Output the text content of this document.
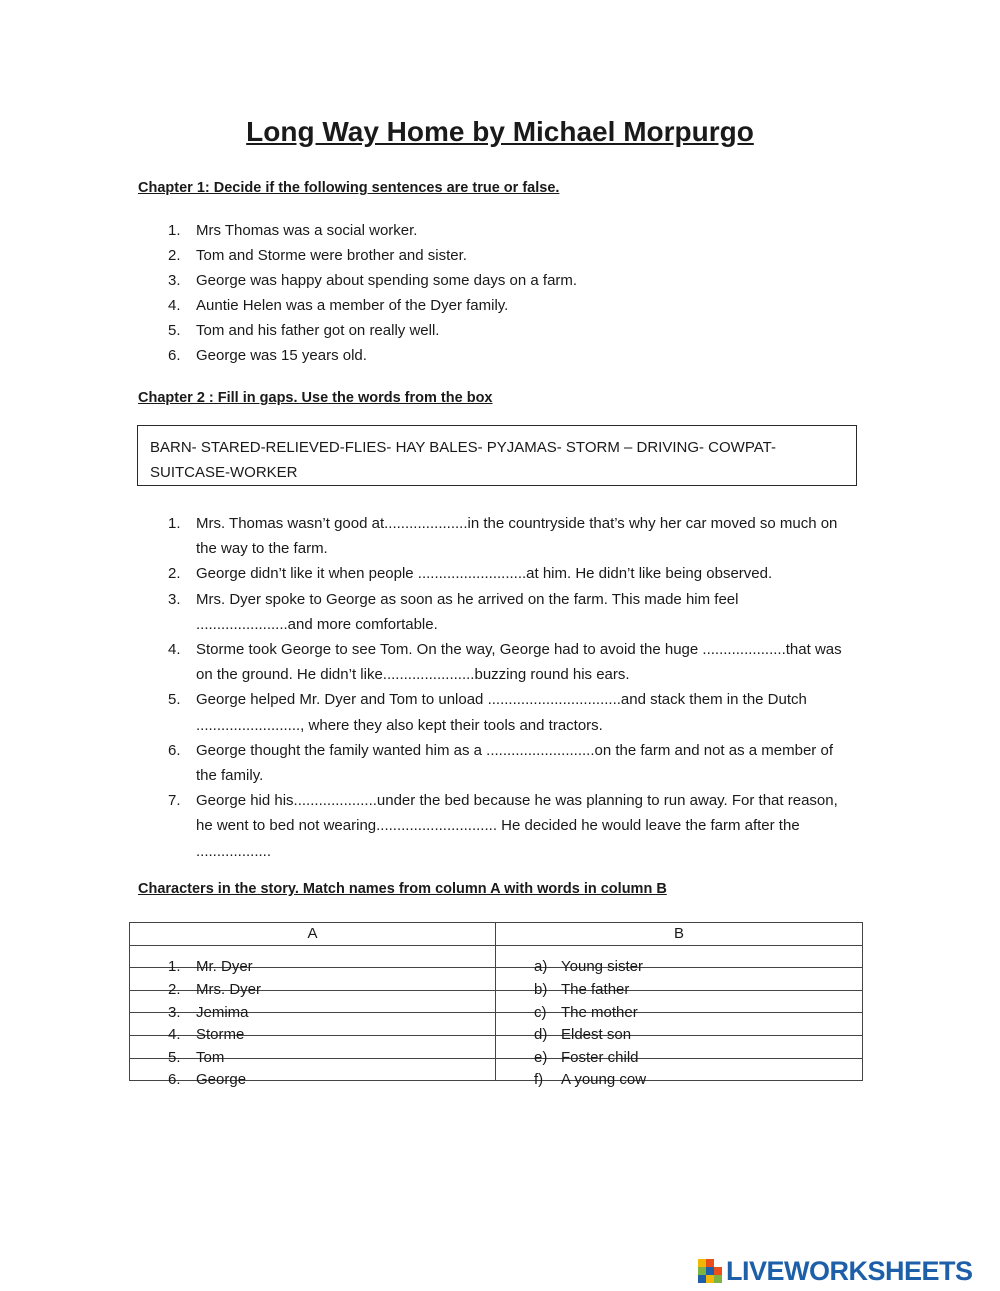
Long Way Home by Michael Morpurgo
Chapter 1: Decide if the following sentences are true or false.
1. Mrs Thomas was a social worker.
2. Tom and Storme were brother and sister.
3. George was happy about spending some days on a farm.
4. Auntie Helen was a member of the Dyer family.
5. Tom and his father got on really well.
6. George was 15 years old.
Chapter 2 : Fill in gaps. Use the words from the box
BARN- STARED-RELIEVED-FLIES- HAY BALES- PYJAMAS- STORM – DRIVING- COWPAT-SUITCASE-WORKER
1. Mrs. Thomas wasn’t good at....................in the countryside that’s why her car moved so much on the way to the farm.
2. George didn’t like it when people ..........................at him. He didn’t like being observed.
3. Mrs. Dyer spoke to George as soon as he arrived on the farm. This made him feel ......................and more comfortable.
4. Storme took George to see Tom. On the way, George had to avoid the huge ....................that was on the ground. He didn’t like......................buzzing round his ears.
5. George helped Mr. Dyer and Tom to unload ................................and stack them in the Dutch ........................., where they also kept their tools and tractors.
6. George thought the family wanted him as a ..........................on the farm and not as a member of the family.
7. George hid his....................under the bed because he was planning to run away. For that reason, he went to bed not wearing............................. He decided he would leave the farm after the ..................
Characters in the story. Match names from column A with words in column B
A	B

1. Mr. Dyer	a) Young sister

2. Mrs. Dyer	b) The father

3. Jemima	c) The mother

4. Storme	d) Eldest son

5. Tom	e) Foster child

6. George	f) A young cow
LIVEWORKSHEETS
